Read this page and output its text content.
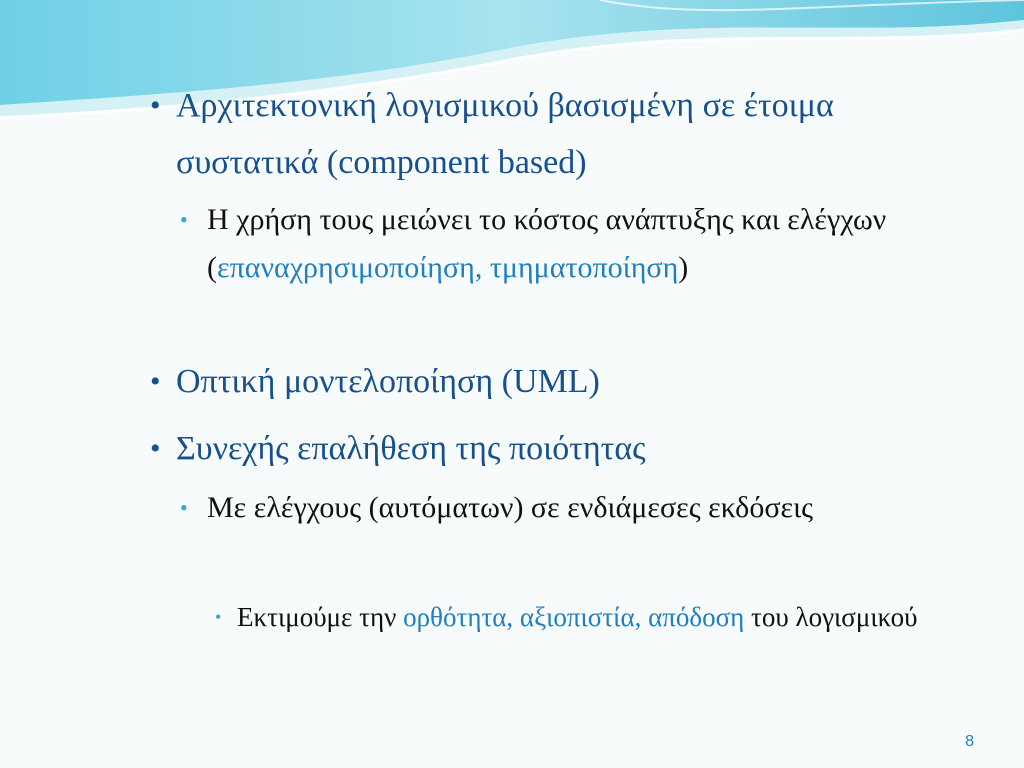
• Αρχιτεκτονική λογισμικού βασισμένη σε έτοιμα συστατικά (component based)
• Η χρήση τους μειώνει το κόστος ανάπτυξης και ελέγχων (επαναχρησιμοποίηση, τμηματοποίηση)
• Οπτική μοντελοποίηση (UML)
• Συνεχής επαλήθεση της ποιότητας
• Με ελέγχους (αυτόματων) σε ενδιάμεσες εκδόσεις
• Εκτιμούμε την ορθότητα, αξιοπιστία, απόδοση του λογισμικού
8
